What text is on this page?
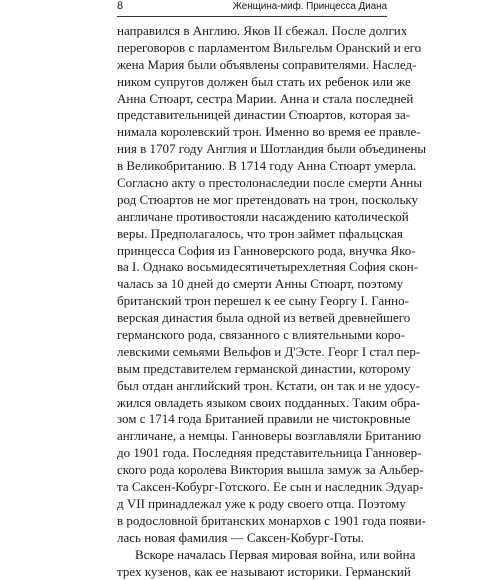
8	Женщина-миф. Принцесса Диана
направился в Англию. Яков II сбежал. После долгих
переговоров с парламентом Вильгельм Оранский и его
жена Мария были объявлены соправителями. Наслед-
ником супругов должен был стать их ребенок или же
Анна Стюарт, сестра Марии. Анна и стала последней
представительницей династии Стюартов, которая за-
нимала королевский трон. Именно во время ее правле-
ния в 1707 году Англия и Шотландия были объединены
в Великобританию. В 1714 году Анна Стюарт умерла.
Согласно акту о престолонаследии после смерти Анны
род Стюартов не мог претендовать на трон, поскольку
англичане противостояли насаждению католической
веры. Предполагалось, что трон займет пфальцская
принцесса София из Ганноверского рода, внучка Яко-
ва I. Однако восьмидесятичетырехлетняя София скон-
чалась за 10 дней до смерти Анны Стюарт, поэтому
британский трон перешел к ее сыну Георгу I. Ганно-
верская династия была одной из ветвей древнейшего
германского рода, связанного с влиятельными коро-
левскими семьями Вельфов и Д'Эсте. Георг I стал пер-
вым представителем германской династии, которому
был отдан английский трон. Кстати, он так и не удосу-
жился овладеть языком своих подданных. Таким обра-
зом с 1714 года Британией правили не чистокровные
англичане, а немцы. Ганноверы возглавляли Британию
до 1901 года. Последняя представительница Ганновер-
ского рода королева Виктория вышла замуж за Альбер-
та Саксен-Кобург-Готского. Ее сын и наследник Эдуар-
д VII принадлежал уже к роду своего отца. Поэтому
в родословной британских монархов с 1901 года появи-
лась новая фамилия — Саксен-Кобург-Готы.
Вскоре началась Первая мировая война, или война
трех кузенов, как ее называют историки. Германский
